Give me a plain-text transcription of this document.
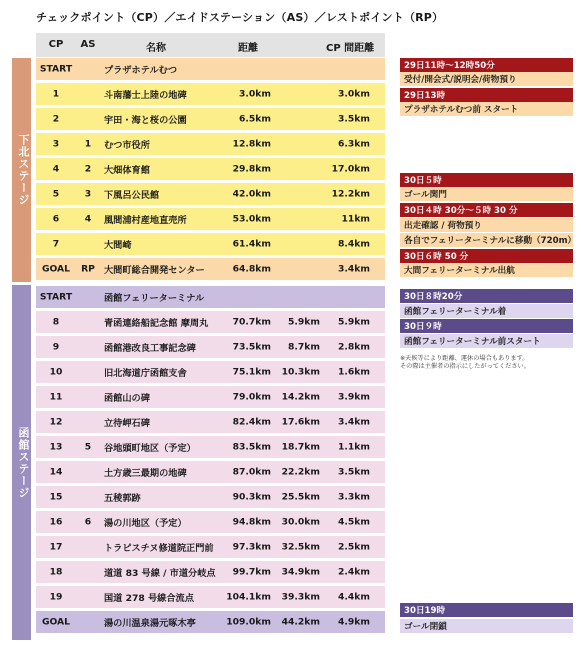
チェックポイント（CP）／エイドステーション（AS）／レストポイント（RP）
CP	AS	名称	距離	CP 間距離
下北ステージ
函館ステージ
START	プラザホテルむつ
1	斗南藩士上陸の地碑	3.0km	3.0km
2	宇田・海と桜の公園	6.5km	3.5km
3	1	むつ市役所	12.8km	6.3km
4	2	大畑体育館	29.8km	17.0km
5	3	下風呂公民館	42.0km	12.2km
6	4	風間浦村産地直売所	53.0km	11km
7	大間崎	61.4km	8.4km
GOAL	RP 大間町総合開発センター	64.8km	3.4km
START	函館フェリーターミナル
8	青函連絡船記念館 摩周丸	70.7km	5.9km	5.9km
9	函館港改良工事記念碑	73.5km	8.7km	2.8km
10	旧北海道庁函館支舎	75.1km	10.3km	1.6km
11	函館山の碑	79.0km	14.2km	3.9km
12	立待岬石碑	82.4km	17.6km	3.4km
13	5	谷地頭町地区（予定）	83.5km	18.7km	1.1km
14	土方歳三最期の地碑	87.0km	22.2km	3.5km
15	五稜郭跡	90.3km	25.5km	3.3km
16	6	湯の川地区（予定）	94.8km	30.0km	4.5km
17	トラピスチヌ修道院正門前	97.3km	32.5km	2.5km
18	道道 83 号線 / 市道分岐点	99.7km	34.9km	2.4km
19	国道 278 号線合流点	104.1km	39.3km	4.4km
GOAL	湯の川温泉湯元啄木亭	109.0km	44.2km	4.9km
29日11時〜12時50分
受付/開会式/説明会/荷物預り
29日13時
プラザホテルむつ前 スタート
30日５時
ゴール関門
30日４時 30分〜５時 30 分
出走確認 / 荷物預り
各自でフェリーターミナルに移動（720m）
30日６時 50 分
大間フェリーターミナル出航
30日８時20分
函館フェリーターミナル着
30日９時
函館フェリーターミナル前スタート
30日19時
ゴール閉鎖
※天候等により距離、運休の場合もあります。
その際は主催者の指示にしたがってください。
